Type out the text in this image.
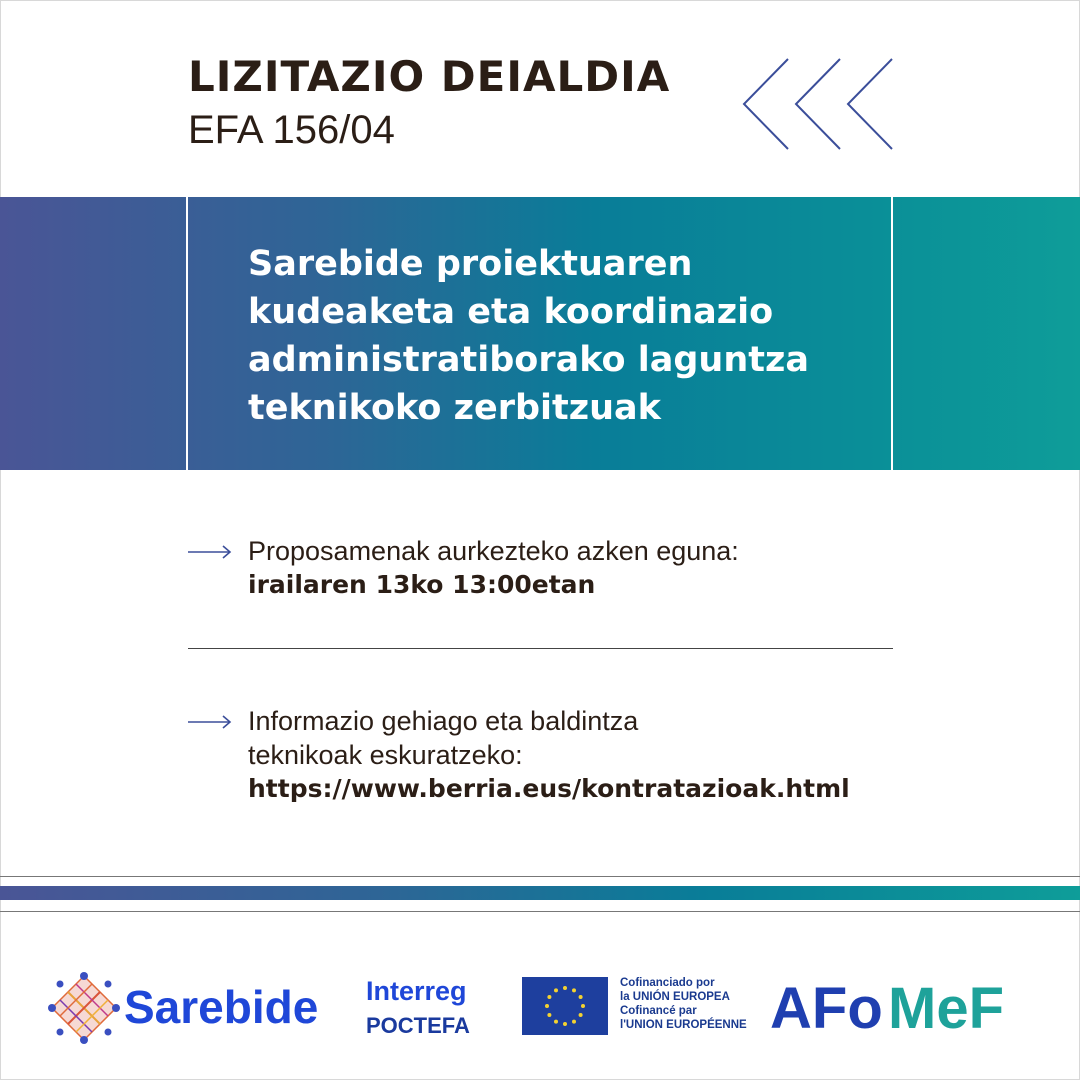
LIZITAZIO DEIALDIA
EFA 156/04
Sarebide proiektuaren
kudeaketa eta koordinazio
administratiborako laguntza
teknikoko zerbitzuak
Proposamenak aurkezteko azken eguna:
irailaren 13ko 13:00etan
Informazio gehiago eta baldintza
teknikoak eskuratzeko:
https://www.berria.eus/kontratazioak.html
Sarebide Interreg
POCTEFA
Cofinanciado por
la UNIÓN EUROPEA
Cofinancé par
l'UNION EUROPÉENNE AFo MeF
